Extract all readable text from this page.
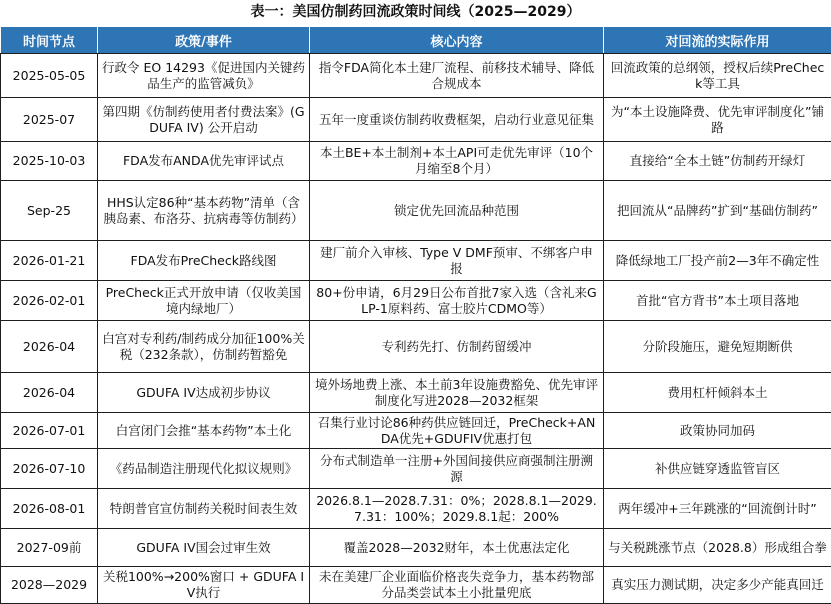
表一：美国仿制药回流政策时间线（2025—2029）
时间节点	政策/事件	核心内容	对回流的实际作用
2025-05-05	行政令 EO 14293《促进国内关键药品生产的监管减负》	指令FDA简化本土建厂流程、前移技术辅导、降低合规成本	回流政策的总纲领，授权后续PreCheck等工具
2025-07	第四期《仿制药使用者付费法案》(GDUFA IV) 公开启动	五年一度重谈仿制药收费框架，启动行业意见征集	为“本土设施降费、优先审评制度化”铺路
2025-10-03	FDA发布ANDA优先审评试点	本土BE+本土制剂+本土API可走优先审评（10个月缩至8个月）	直接给“全本土链”仿制药开绿灯
Sep-25	HHS认定86种“基本药物”清单（含胰岛素、布洛芬、抗病毒等仿制药）	锁定优先回流品种范围	把回流从“品牌药”扩到“基础仿制药”
2026-01-21	FDA发布PreCheck路线图	建厂前介入审核、Type V DMF预审、不绑客户申报	降低绿地工厂投产前2—3年不确定性
2026-02-01	PreCheck正式开放申请（仅收美国境内绿地厂）	80+份申请，6月29日公布首批7家入选（含礼来GLP-1原料药、富士胶片CDMO等）	首批“官方背书”本土项目落地
2026-04	白宫对专利药/制药成分加征100%关税（232条款），仿制药暂豁免	专利药先打、仿制药留缓冲	分阶段施压，避免短期断供
2026-04	GDUFA IV达成初步协议	境外场地费上涨、本土前3年设施费豁免、优先审评制度化写进2028—2032框架	费用杠杆倾斜本土
2026-07-01	白宫闭门会推“基本药物”本土化	召集行业讨论86种药供应链回迁，PreCheck+ANDA优先+GDUFIV优惠打包	政策协同加码
2026-07-10	《药品制造注册现代化拟议规则》	分布式制造单一注册+外国间接供应商强制注册溯源	补供应链穿透监管盲区
2026-08-01	特朗普官宣仿制药关税时间表生效	2026.8.1—2028.7.31：0%；2028.8.1—2029.7.31：100%；2029.8.1起：200%	两年缓冲+三年跳涨的“回流倒计时”
2027-09前	GDUFA IV国会过审生效	覆盖2028—2032财年，本土优惠法定化	与关税跳涨节点（2028.8）形成组合拳
2028—2029	关税100%→200%窗口 + GDUFA IV执行	未在美建厂企业面临价格丧失竞争力，基本药物部分品类尝试本土小批量兜底	真实压力测试期，决定多少产能真回迁
